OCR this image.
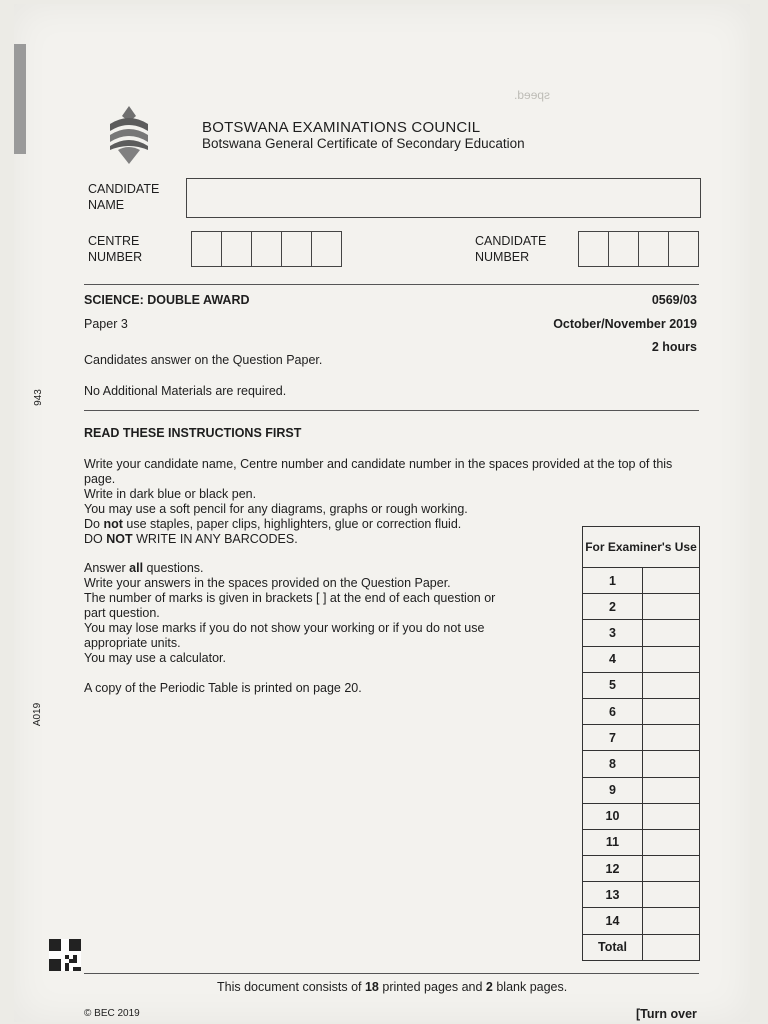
speed.
BOTSWANA EXAMINATIONS COUNCIL
Botswana General Certificate of Secondary Education
CANDIDATE NAME
CENTRE NUMBER
CANDIDATE NUMBER
SCIENCE: DOUBLE AWARD	0569/03
Paper 3	October/November 2019
2 hours
Candidates answer on the Question Paper.
No Additional Materials are required.
READ THESE INSTRUCTIONS FIRST
Write your candidate name, Centre number and candidate number in the spaces provided at the top of this page.
Write in dark blue or black pen.
You may use a soft pencil for any diagrams, graphs or rough working.
Do not use staples, paper clips, highlighters, glue or correction fluid.
DO NOT WRITE IN ANY BARCODES.
Answer all questions.
Write your answers in the spaces provided on the Question Paper.
The number of marks is given in brackets [ ] at the end of each question or part question.
You may lose marks if you do not show your working or if you do not use appropriate units.
You may use a calculator.
A copy of the Periodic Table is printed on page 20.
For Examiner's Use	
1	
2	
3	
4	
5	
6	
7	
8	
9	
10	
11	
12	
13	
14	
Total	
943
A019
This document consists of 18 printed pages and 2 blank pages.
[Turn over
© BEC 2019
